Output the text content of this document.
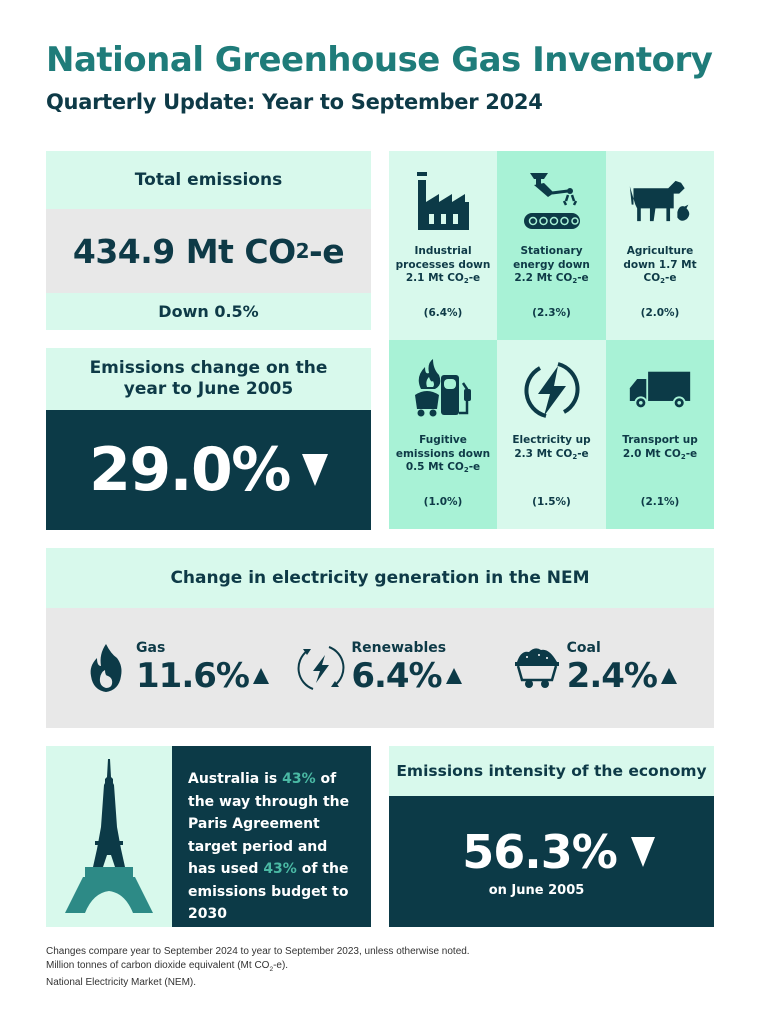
National Greenhouse Gas Inventory
Quarterly Update: Year to September 2024
Total emissions
434.9 Mt CO 2 -e
Down 0.5%
Emissions change on the year to June 2005
29.0%
Industrial processes down 2.1 Mt $CO_2-e$
(6.4%)
Stationary energy down 2.2 Mt $CO_2-e$
(2.3%)
Agriculture down 1.7 Mt $CO_2-e$
(2.0%)
Fugitive emissions down 0.5 Mt $CO_2-e$
(1.0%)
Electricity up 2.3 Mt $CO_2-e$
(1.5%)
Transport up 2.0 Mt $CO_2-e$
(2.1%)
Change in electricity generation in the NEM
Gas
11.6%
Renewables
6.4%
Coal
2.4%
Australia is 43% of the way through the Paris Agreement target period and has used 43% of the emissions budget to 2030
Emissions intensity of the economy
56.3%
on June 2005
Changes compare year to September 2024 to year to September 2023, unless otherwise noted.
Million tonnes of carbon dioxide equivalent (Mt $CO_2-e$).
National Electricity Market (NEM).
